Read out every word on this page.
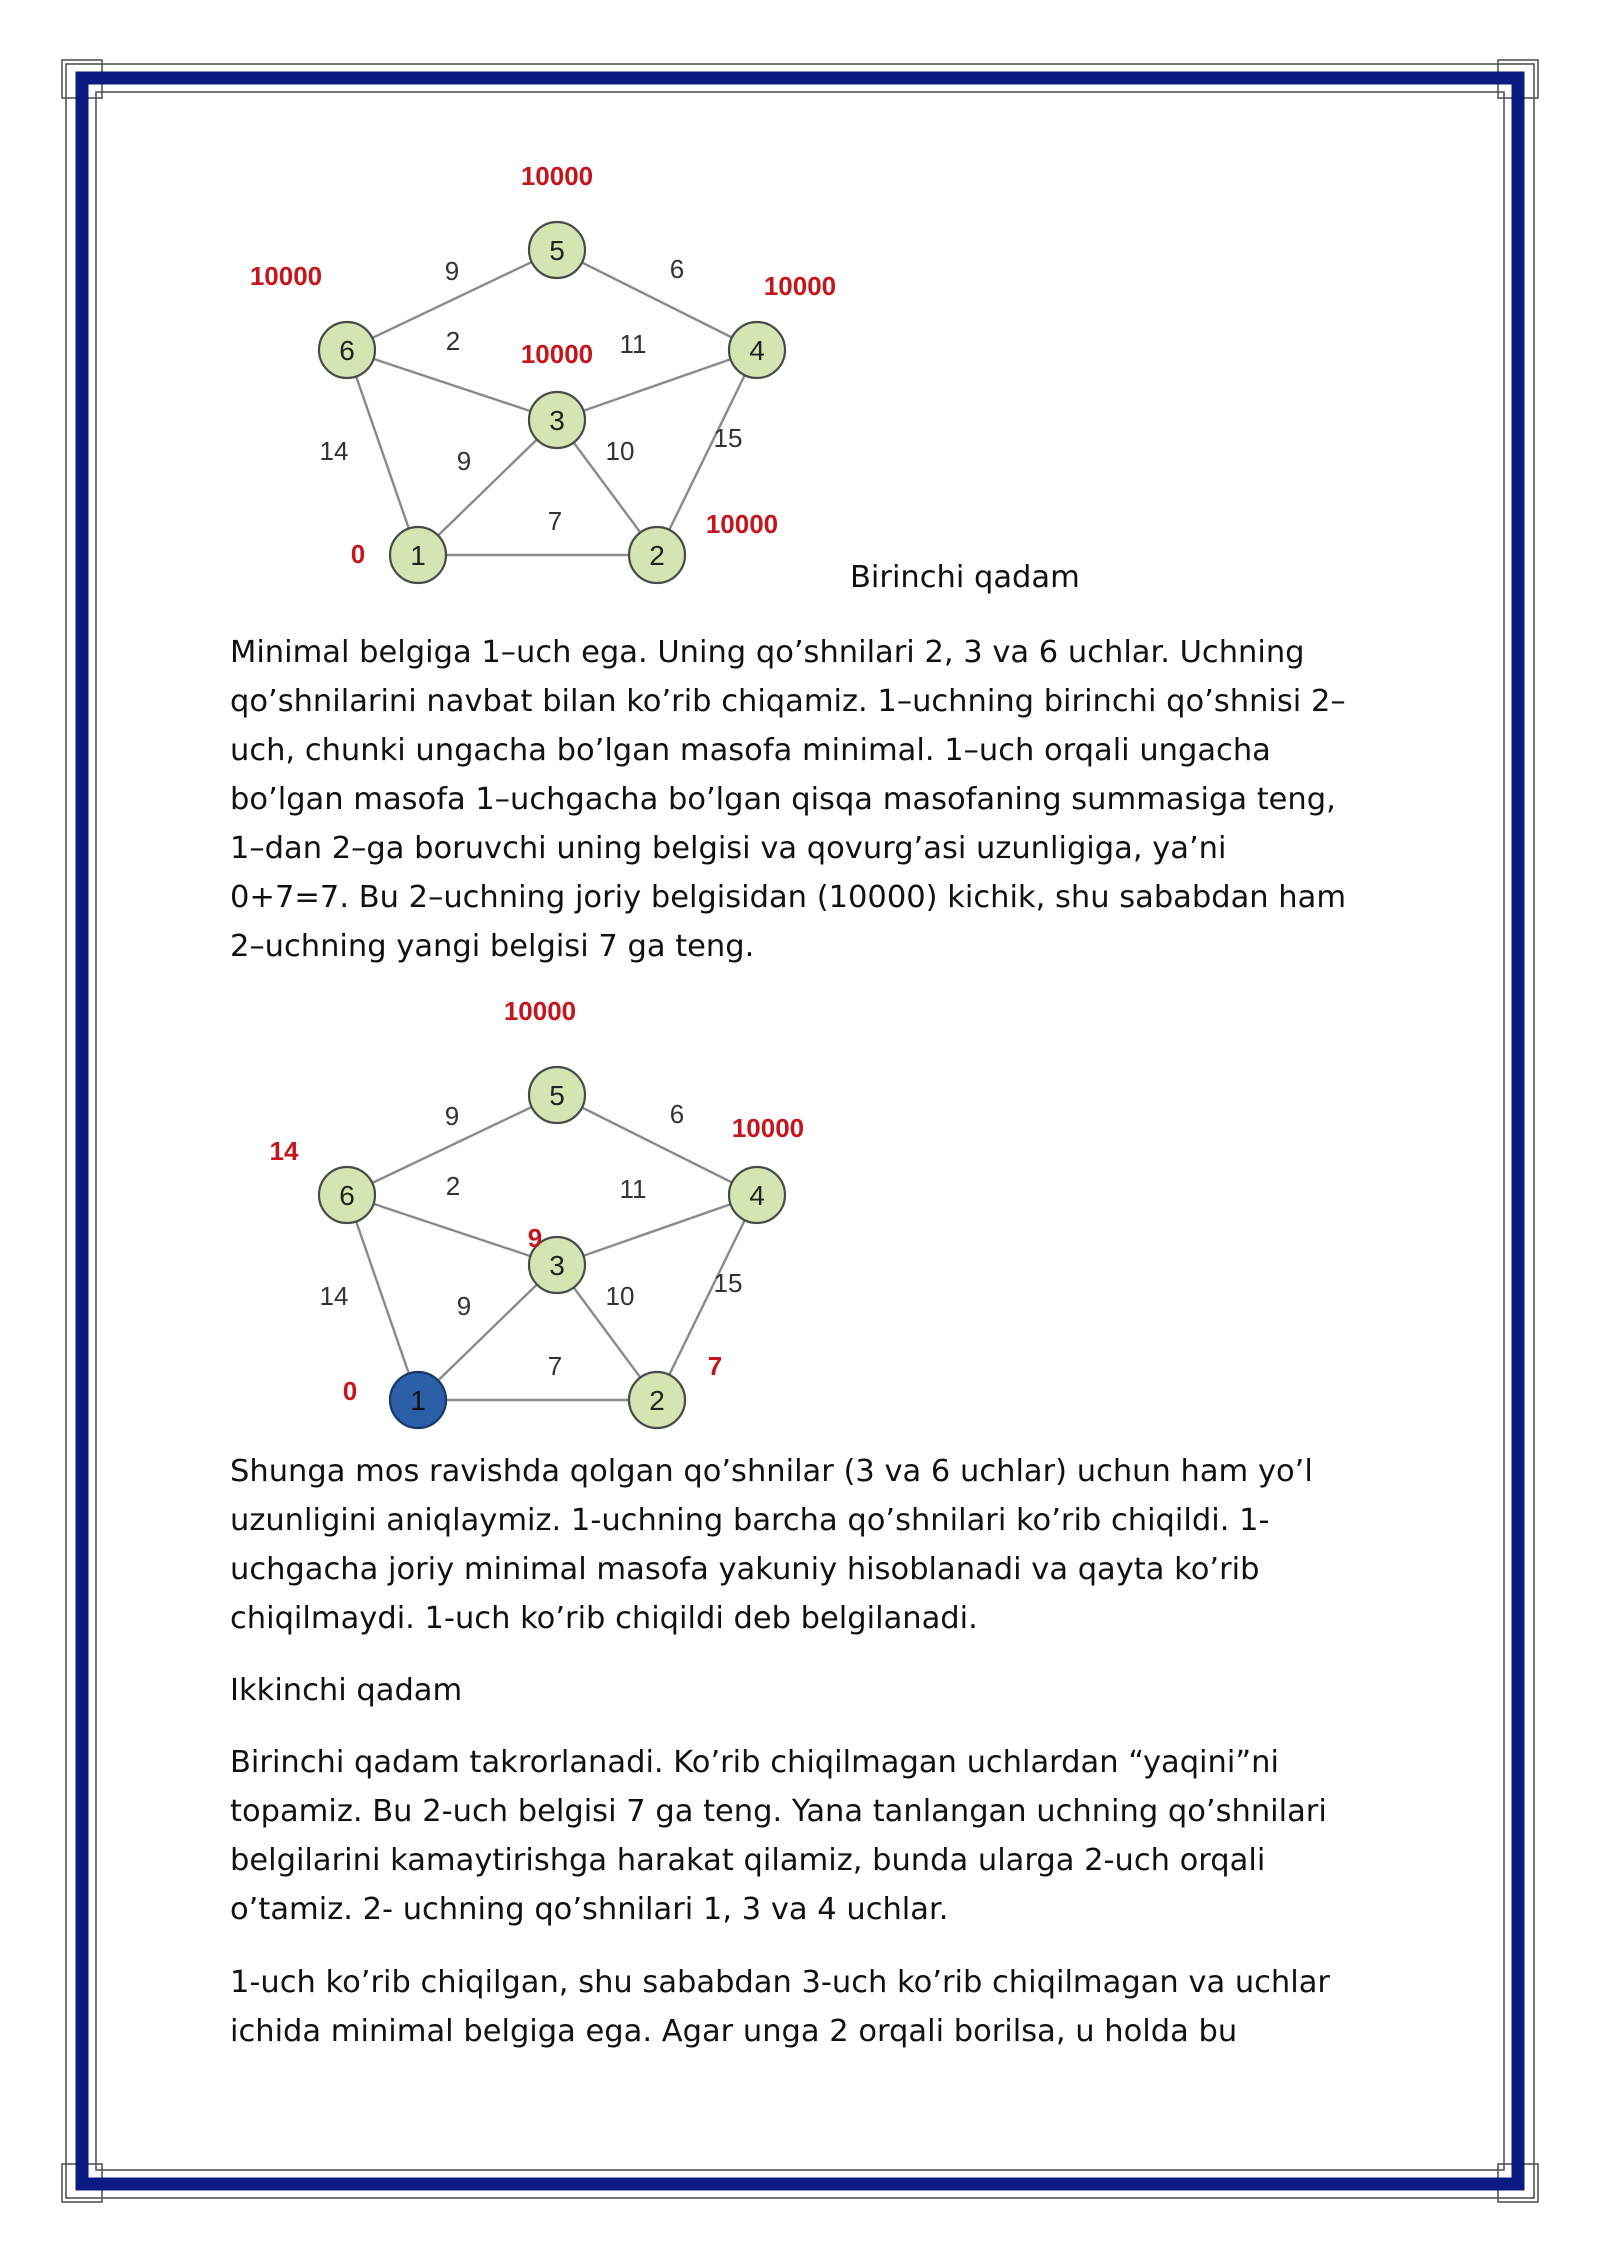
9	6
2	11
14	9	10	15
7
5
10000
6
10000
4
10000
3
10000
1
0	2
10000
Birinchi qadam

Minimal belgiga 1–uch ega. Uning qo’shnilari 2, 3 va 6 uchlar. Uchning qo’shnilarini navbat bilan ko’rib chiqamiz. 1–uchning birinchi qo’shnisi 2–uch, chunki ungacha bo’lgan masofa minimal. 1–uch orqali ungacha bo’lgan masofa 1–uchgacha bo’lgan qisqa masofaning summasiga teng, 1–dan 2–ga boruvchi uning belgisi va qovurg’asi uzunligiga, ya’ni 0+7=7. Bu 2–uchning joriy belgisidan (10000) kichik, shu sababdan ham 2–uchning yangi belgisi 7 ga teng.

9	6
2	11
14	9	10	15
7
5
10000
6
14
4
10000
3
9
1
0	2
7

Shunga mos ravishda qolgan qo’shnilar (3 va 6 uchlar) uchun ham yo’l uzunligini aniqlaymiz. 1-uchning barcha qo’shnilari ko’rib chiqildi. 1-uchgacha joriy minimal masofa yakuniy hisoblanadi va qayta ko’rib chiqilmaydi. 1-uch ko’rib chiqildi deb belgilanadi.

Ikkinchi qadam

Birinchi qadam takrorlanadi. Ko’rib chiqilmagan uchlardan “yaqini”ni topamiz. Bu 2-uch belgisi 7 ga teng. Yana tanlangan uchning qo’shnilari belgilarini kamaytirishga harakat qilamiz, bunda ularga 2-uch orqali o’tamiz. 2- uchning qo’shnilari 1, 3 va 4 uchlar.

1-uch ko’rib chiqilgan, shu sababdan 3-uch ko’rib chiqilmagan va uchlar ichida minimal belgiga ega. Agar unga 2 orqali borilsa, u holda bu
